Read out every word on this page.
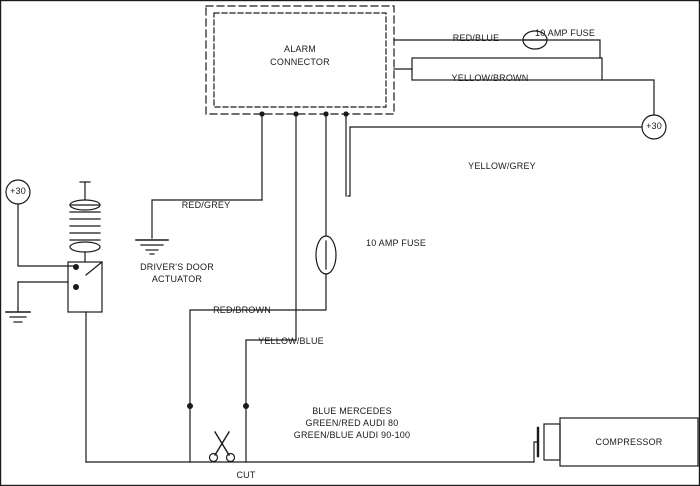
ALARM
CONNECTOR
RED/BLUE	10 AMP FUSE
YELLOW/BROWN
+30
+30
YELLOW/GREY
RED/GREY
10 AMP FUSE
DRIVER'S DOOR
ACTUATOR
RED/BROWN
YELLOW/BLUE
BLUE MERCEDES
GREEN/RED AUDI 80
GREEN/BLUE AUDI 90-100
CUT
COMPRESSOR
